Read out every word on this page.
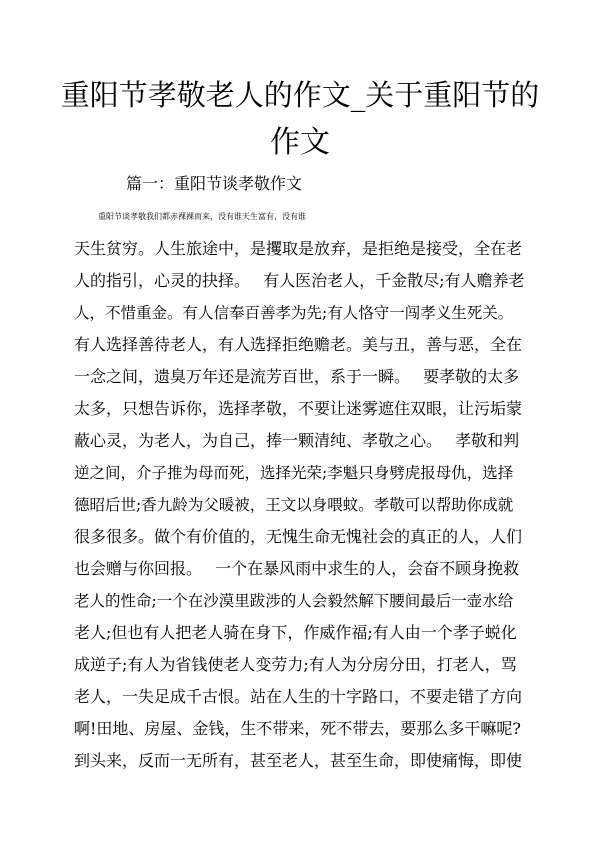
重阳节孝敬老人的作文_关于重阳节的
作文

篇一：重阳节谈孝敬作文

重阳节谈孝敬我们都赤裸裸而来，没有谁天生富有，没有谁

天生贫穷。人生旅途中，是攫取是放弃，是拒绝是接受，全在老

人的指引，心灵的抉择。　 有人医治老人，千金散尽;有人赡养老

人，不惜重金。有人信奉百善孝为先;有人恪守一闯孝义生死关。

有人选择善待老人，有人选择拒绝赡老。美与丑，善与恶，全在

一念之间，遗臭万年还是流芳百世，系于一瞬。　 要孝敬的太多

太多，只想告诉你，选择孝敬，不要让迷雾遮住双眼，让污垢蒙

蔽心灵，为老人，为自己，捧一颗清纯、孝敬之心。　 孝敬和判

逆之间，介子推为母而死，选择光荣;李魁只身劈虎报母仇，选择

德昭后世;香九龄为父暖被，王文以身喂蚊。孝敬可以帮助你成就

很多很多。做个有价值的，无愧生命无愧社会的真正的人，人们

也会赠与你回报。　 一个在暴风雨中求生的人，会奋不顾身挽救

老人的性命;一个在沙漠里跋涉的人会毅然解下腰间最后一壶水给

老人;但也有人把老人骑在身下，作威作福;有人由一个孝子蜕化

成逆子;有人为省钱使老人变劳力;有人为分房分田，打老人，骂

老人，一失足成千古恨。站在人生的十字路口，不要走错了方向

啊!田地、房屋、金钱，生不带来，死不带去，要那么多干嘛呢?

到头来，反而一无所有，甚至老人，甚至生命，即使痛悔，即使
